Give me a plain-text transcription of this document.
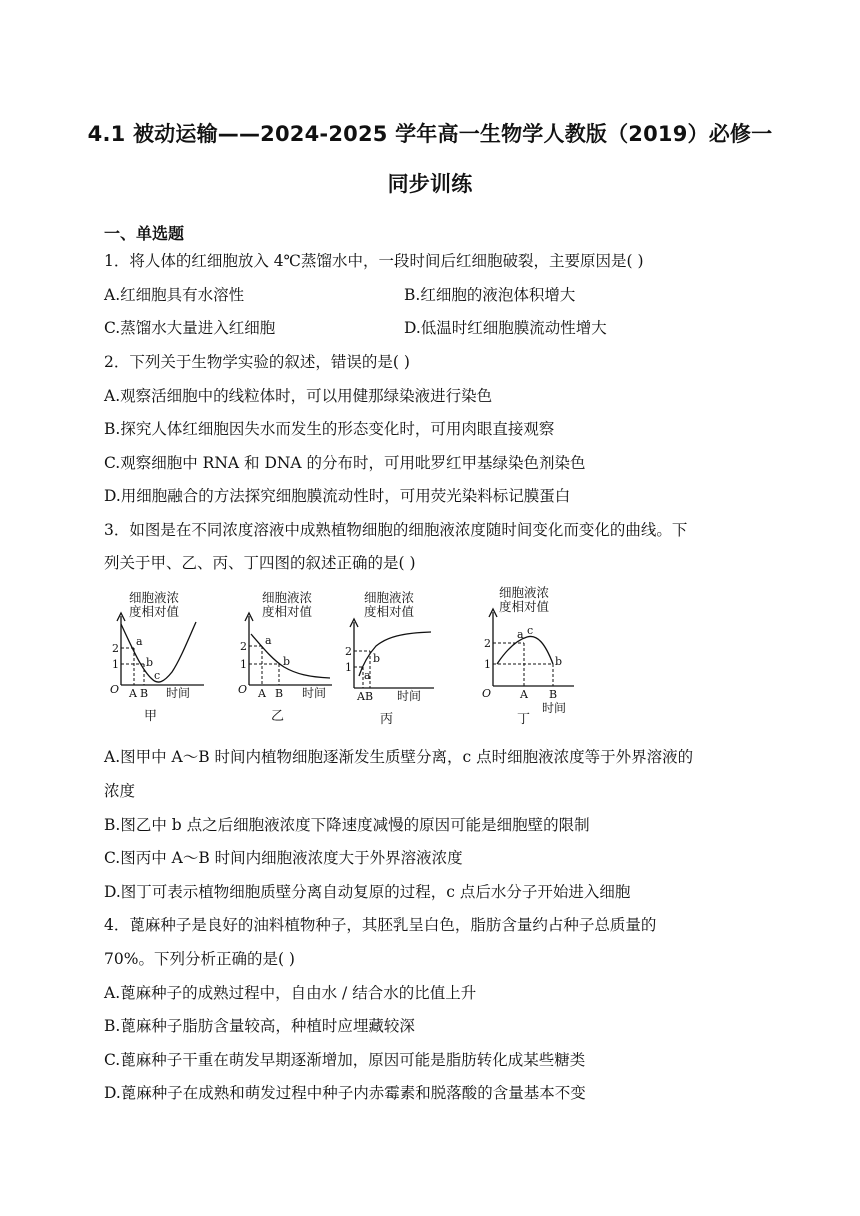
4.1 被动运输——2024-2025 学年高一生物学人教版（2019）必修一
同步训练
一、单选题
1．将人体的红细胞放入 4℃蒸馏水中，一段时间后红细胞破裂，主要原因是( )
A.红细胞具有水溶性	B.红细胞的液泡体积增大
C.蒸馏水大量进入红细胞	D.低温时红细胞膜流动性增大
2．下列关于生物学实验的叙述，错误的是( )
A.观察活细胞中的线粒体时，可以用健那绿染液进行染色
B.探究人体红细胞因失水而发生的形态变化时，可用肉眼直接观察
C.观察细胞中 RNA 和 DNA 的分布时，可用吡罗红甲基绿染色剂染色
D.用细胞融合的方法探究细胞膜流动性时，可用荧光染料标记膜蛋白
3．如图是在不同浓度溶液中成熟植物细胞的细胞液浓度随时间变化而变化的曲线。下
列关于甲、乙、丙、丁四图的叙述正确的是( )
细胞液浓
度相对值
2
1
O A B 时间
a
b
c
甲
细胞液浓
度相对值
2
1
O A B 时间
a
b
乙
细胞液浓
度相对值
2
1
AB 时间
a
b
丙
细胞液浓
度相对值
2
1
O	A B
时间
a c
b
丁
A.图甲中 A～B 时间内植物细胞逐渐发生质壁分离，c 点时细胞液浓度等于外界溶液的
浓度
B.图乙中 b 点之后细胞液浓度下降速度减慢的原因可能是细胞壁的限制
C.图丙中 A～B 时间内细胞液浓度大于外界溶液浓度
D.图丁可表示植物细胞质壁分离自动复原的过程，c 点后水分子开始进入细胞
4．蓖麻种子是良好的油料植物种子，其胚乳呈白色，脂肪含量约占种子总质量的
70%。下列分析正确的是( )
A.蓖麻种子的成熟过程中，自由水 / 结合水的比值上升
B.蓖麻种子脂肪含量较高，种植时应埋藏较深
C.蓖麻种子干重在萌发早期逐渐增加，原因可能是脂肪转化成某些糖类
D.蓖麻种子在成熟和萌发过程中种子内赤霉素和脱落酸的含量基本不变
